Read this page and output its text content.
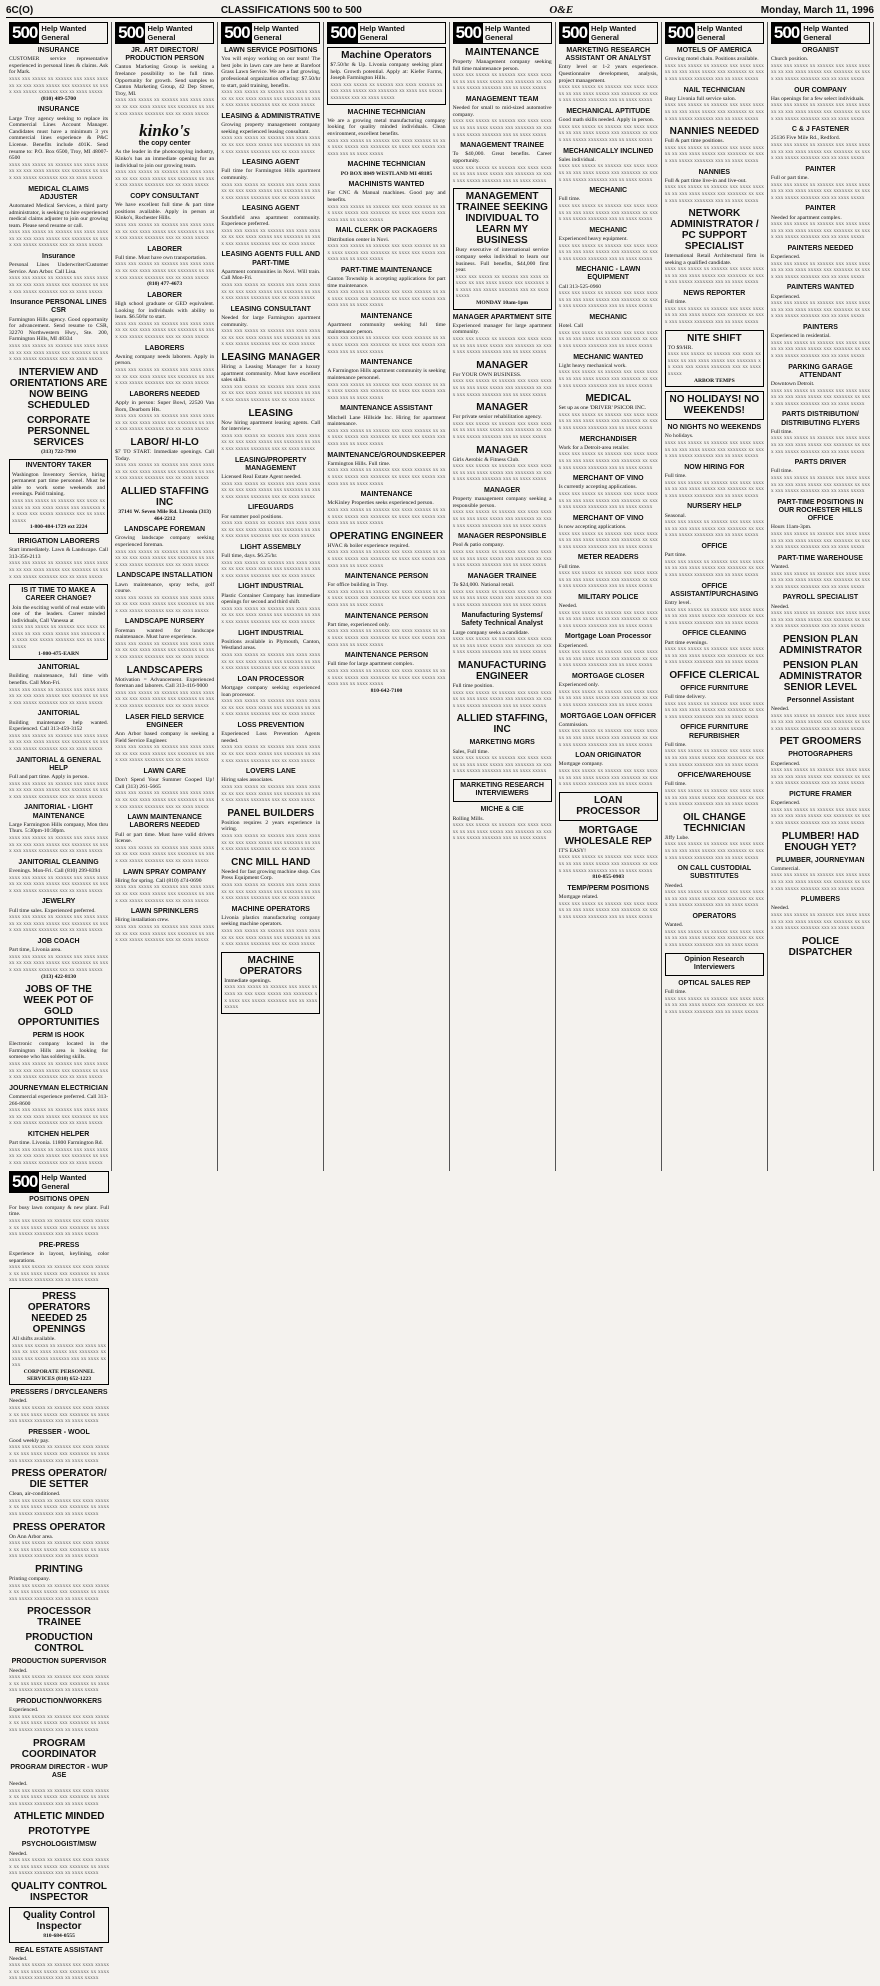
6C(O)	CLASSIFICATIONS 500 to 500	O&E	Monday, March 11, 1996
500 Help Wanted
General
INSURANCE
CUSTOMER service representative experienced in personal lines & claims. Ask for Mark.
xxxx xxx xxxxx xx xxxxxx xxx xxxx xxxxxx xx xxx xxxx xxxxx xxx xxxxxxx xx xxxx xxx xxxxx xxxxxxx xxx xx xxxx xxxxx
(810) 489-5700
INSURANCE
Large Troy agency seeking to replace its Commercial Lines Account Manager. Candidates must have a minimum 3 yrs commercial lines experience & P&C License. Benefits include 401K. Send resume to: P.O. Box 6500, Troy, MI 48007-6500
xxxx xxx xxxxx xx xxxxxx xxx xxxx xxxxxx xx xxx xxxx xxxxx xxx xxxxxxx xx xxxx xxx xxxxx xxxxxxx xxx xx xxxx xxxxx
MEDICAL CLAIMS ADJUSTER
Automated Medical Services, a third party administrator, is seeking to hire experienced medical claims adjuster to join our growing team. Please send resume or call.
xxxx xxx xxxxx xx xxxxxx xxx xxxx xxxxxx xx xxx xxxx xxxxx xxx xxxxxxx xx xxxx xxx xxxxx xxxxxxx xxx xx xxxx xxxxx
Insurance
Personal Lines Underwriter/Customer Service. Ann Arbor. Call Lisa.
xxxx xxx xxxxx xx xxxxxx xxx xxxx xxxxxx xx xxx xxxx xxxxx xxx xxxxxxx xx xxxx xxx xxxxx xxxxxxx xxx xx xxxx xxxxx
Insurance PERSONAL LINES CSR
Farmington Hills agency. Good opportunity for advancement. Send resume to CSR, 32270 Northwestern Hwy., Ste. 200, Farmington Hills, MI 48334
xxxx xxx xxxxx xx xxxxxx xxx xxxx xxxxxx xx xxx xxxx xxxxx xxx xxxxxxx xx xxxx xxx xxxxx xxxxxxx xxx xx xxxx xxxxx
INTERVIEW AND ORIENTATIONS ARE NOW BEING SCHEDULED
CORPORATE PERSONNEL SERVICES
(313) 722-7990
INVENTORY TAKER
Washington Inventory Service, hiring permanent part time personnel. Must be able to work some weekends and evenings. Paid training.
xxxx xxx xxxxx xx xxxxxx xxx xxxx xxxxxx xx xxx xxxx xxxxx xxx xxxxxxx xx xxxx xxx xxxxx xxxxxxx xxx xx xxxx xxxxx
1-800-484-1729 ext 2224
IRRIGATION LABORERS
Start immediately. Lawn & Landscape. Call 313-356-2113
xxxx xxx xxxxx xx xxxxxx xxx xxxx xxxxxx xx xxx xxxx xxxxx xxx xxxxxxx xx xxxx xxx xxxxx xxxxxxx xxx xx xxxx xxxxx
IS IT TIME TO MAKE A CAREER CHANGE?
Join the exciting world of real estate with one of the leaders. Career minded individuals, Call Vanessa at
xxxx xxx xxxxx xx xxxxxx xxx xxxx xxxxxx xx xxx xxxx xxxxx xxx xxxxxxx xx xxxx xxx xxxxx xxxxxxx xxx xx xxxx xxxxx
1-800-475-EARN
JANITORIAL
Building maintenance, full time with benefits. Call Mon-Fri.
xxxx xxx xxxxx xx xxxxxx xxx xxxx xxxxxx xx xxx xxxx xxxxx xxx xxxxxxx xx xxxx xxx xxxxx xxxxxxx xxx xx xxxx xxxxx
JANITORIAL
Building maintenance help wanted. Experienced. Call 313-459-3152
xxxx xxx xxxxx xx xxxxxx xxx xxxx xxxxxx xx xxx xxxx xxxxx xxx xxxxxxx xx xxxx xxx xxxxx xxxxxxx xxx xx xxxx xxxxx
JANITORIAL & GENERAL HELP
Full and part time. Apply in person.
xxxx xxx xxxxx xx xxxxxx xxx xxxx xxxxxx xx xxx xxxx xxxxx xxx xxxxxxx xx xxxx xxx xxxxx xxxxxxx xxx xx xxxx xxxxx
JANITORIAL - LIGHT MAINTENANCE
Large Farmington Hills company, Mon thru Thurs. 5:30pm-10:30pm.
xxxx xxx xxxxx xx xxxxxx xxx xxxx xxxxxx xx xxx xxxx xxxxx xxx xxxxxxx xx xxxx xxx xxxxx xxxxxxx xxx xx xxxx xxxxx
JANITORIAL CLEANING
Evenings. Mon-Fri. Call (810) 299-8394
xxxx xxx xxxxx xx xxxxxx xxx xxxx xxxxxx xx xxx xxxx xxxxx xxx xxxxxxx xx xxxx xxx xxxxx xxxxxxx xxx xx xxxx xxxxx
JEWELRY
Full time sales. Experienced preferred.
xxxx xxx xxxxx xx xxxxxx xxx xxxx xxxxxx xx xxx xxxx xxxxx xxx xxxxxxx xx xxxx xxx xxxxx xxxxxxx xxx xx xxxx xxxxx
JOB COACH
Part time, Livonia area.
xxxx xxx xxxxx xx xxxxxx xxx xxxx xxxxxx xx xxx xxxx xxxxx xxx xxxxxxx xx xxxx xxx xxxxx xxxxxxx xxx xx xxxx xxxxx
(313) 422-8130
JOBS OF THE WEEK POT OF GOLD OPPORTUNITIES
PERM IS HOOK
Electronic company located in the Farmington Hills area is looking for someone who has soldering skills.
xxxx xxx xxxxx xx xxxxxx xxx xxxx xxxxxx xx xxx xxxx xxxxx xxx xxxxxxx xx xxxx xxx xxxxx xxxxxxx xxx xx xxxx xxxxx
JOURNEYMAN ELECTRICIAN
Commercial experience preferred. Call 313-266-8600
xxxx xxx xxxxx xx xxxxxx xxx xxxx xxxxxx xx xxx xxxx xxxxx xxx xxxxxxx xx xxxx xxx xxxxx xxxxxxx xxx xx xxxx xxxxx
KITCHEN HELPER
Part time. Livonia. 11800 Farmington Rd.
xxxx xxx xxxxx xx xxxxxx xxx xxxx xxxxxx xx xxx xxxx xxxxx xxx xxxxxxx xx xxxx xxx xxxxx xxxxxxx xxx xx xxxx xxxxx
500 Help Wanted
General
JR. ART DIRECTOR/ PRODUCTION PERSON
Canton Marketing Group is seeking a freelance possibility to be full time. Opportunity for growth. Send samples to Canton Marketing Group, 42 Dep Street, Troy, MI.
xxxx xxx xxxxx xx xxxxxx xxx xxxx xxxxxx xx xxx xxxx xxxxx xxx xxxxxxx xx xxxx xxx xxxxx xxxxxxx xxx xx xxxx xxxxx
kinko's
the copy center
As the leader in the photocopying industry, Kinko's has an immediate opening for an individual to join our growing team.
xxxx xxx xxxxx xx xxxxxx xxx xxxx xxxxxx xx xxx xxxx xxxxx xxx xxxxxxx xx xxxx xxx xxxxx xxxxxxx xxx xx xxxx xxxxx
COPY CONSULTANT
We have excellent full time & part time positions available. Apply in person at Kinko's, Rochester Hills.
xxxx xxx xxxxx xx xxxxxx xxx xxxx xxxxxx xx xxx xxxx xxxxx xxx xxxxxxx xx xxxx xxx xxxxx xxxxxxx xxx xx xxxx xxxxx
LABORER
Full time. Must have own transportation.
xxxx xxx xxxxx xx xxxxxx xxx xxxx xxxxxx xx xxx xxxx xxxxx xxx xxxxxxx xx xxxx xxx xxxxx xxxxxxx xxx xx xxxx xxxxx
(810) 477-4673
LABORER
High school graduate or GED equivalent. Looking for individuals with ability to learn. $6.50/hr to start.
xxxx xxx xxxxx xx xxxxxx xxx xxxx xxxxxx xx xxx xxxx xxxxx xxx xxxxxxx xx xxxx xxx xxxxx xxxxxxx xxx xx xxxx xxxxx
LABORERS
Awning company needs laborers. Apply in person.
xxxx xxx xxxxx xx xxxxxx xxx xxxx xxxxxx xx xxx xxxx xxxxx xxx xxxxxxx xx xxxx xxx xxxxx xxxxxxx xxx xx xxxx xxxxx
LABORERS NEEDED
Apply in person: Super Bowl, 22520 Van Born, Dearborn Hts.
xxxx xxx xxxxx xx xxxxxx xxx xxxx xxxxxx xx xxx xxxx xxxxx xxx xxxxxxx xx xxxx xxx xxxxx xxxxxxx xxx xx xxxx xxxxx
LABOR/ HI-LO
$7 TO START. Immediate openings. Call Today.
xxxx xxx xxxxx xx xxxxxx xxx xxxx xxxxxx xx xxx xxxx xxxxx xxx xxxxxxx xx xxxx xxx xxxxx xxxxxxx xxx xx xxxx xxxxx
ALLIED STAFFING INC
37141 W. Seven Mile Rd. Livonia (313) 464-2212
LANDSCAPE FOREMAN
Growing landscape company seeking experienced foreman.
xxxx xxx xxxxx xx xxxxxx xxx xxxx xxxxxx xx xxx xxxx xxxxx xxx xxxxxxx xx xxxx xxx xxxxx xxxxxxx xxx xx xxxx xxxxx
LANDSCAPE INSTALLATION
Lawn maintenance, spray techs, golf course.
xxxx xxx xxxxx xx xxxxxx xxx xxxx xxxxxx xx xxx xxxx xxxxx xxx xxxxxxx xx xxxx xxx xxxxx xxxxxxx xxx xx xxxx xxxxx
LANDSCAPE NURSERY
Foreman wanted for landscape maintenance. Must have experience.
xxxx xxx xxxxx xx xxxxxx xxx xxxx xxxxxx xx xxx xxxx xxxxx xxx xxxxxxx xx xxxx xxx xxxxx xxxxxxx xxx xx xxxx xxxxx
LANDSCAPERS
Motivation = Advancement. Experienced foreman and laborers. Call 313-416-9000
xxxx xxx xxxxx xx xxxxxx xxx xxxx xxxxxx xx xxx xxxx xxxxx xxx xxxxxxx xx xxxx xxx xxxxx xxxxxxx xxx xx xxxx xxxxx
LASER FIELD SERVICE ENGINEER
Ann Arbor based company is seeking a Field Service Engineer.
xxxx xxx xxxxx xx xxxxxx xxx xxxx xxxxxx xx xxx xxxx xxxxx xxx xxxxxxx xx xxxx xxx xxxxx xxxxxxx xxx xx xxxx xxxxx
LAWN CARE
Don't Spend Your Summer Cooped Up! Call (313) 261-5665
xxxx xxx xxxxx xx xxxxxx xxx xxxx xxxxxx xx xxx xxxx xxxxx xxx xxxxxxx xx xxxx xxx xxxxx xxxxxxx xxx xx xxxx xxxxx
LAWN MAINTENANCE LABORERS NEEDED
Full or part time. Must have valid drivers license.
xxxx xxx xxxxx xx xxxxxx xxx xxxx xxxxxx xx xxx xxxx xxxxx xxx xxxxxxx xx xxxx xxx xxxxx xxxxxxx xxx xx xxxx xxxxx
LAWN SPRAY COMPANY
Hiring for spring. Call (810) 474-0690
xxxx xxx xxxxx xx xxxxxx xxx xxxx xxxxxx xx xxx xxxx xxxxx xxx xxxxxxx xx xxxx xxx xxxxx xxxxxxx xxx xx xxxx xxxxx
LAWN SPRINKLERS
Hiring installation crew.
xxxx xxx xxxxx xx xxxxxx xxx xxxx xxxxxx xx xxx xxxx xxxxx xxx xxxxxxx xx xxxx xxx xxxxx xxxxxxx xxx xx xxxx xxxxx
500 Help Wanted
General
LAWN SERVICE POSITIONS
You will enjoy working on our team! The best jobs in lawn care are here at Barefoot Grass Lawn Service. We are a fast growing, professional organization offering: $7.50/hr to start, paid training, benefits.
xxxx xxx xxxxx xx xxxxxx xxx xxxx xxxxxx xx xxx xxxx xxxxx xxx xxxxxxx xx xxxx xxx xxxxx xxxxxxx xxx xx xxxx xxxxx
LEASING & ADMINISTRATIVE
Growing property management company seeking experienced leasing consultant.
xxxx xxx xxxxx xx xxxxxx xxx xxxx xxxxxx xx xxx xxxx xxxxx xxx xxxxxxx xx xxxx xxx xxxxx xxxxxxx xxx xx xxxx xxxxx
LEASING AGENT
Full time for Farmington Hills apartment community.
xxxx xxx xxxxx xx xxxxxx xxx xxxx xxxxxx xx xxx xxxx xxxxx xxx xxxxxxx xx xxxx xxx xxxxx xxxxxxx xxx xx xxxx xxxxx
LEASING AGENT
Southfield area apartment community. Experience preferred.
xxxx xxx xxxxx xx xxxxxx xxx xxxx xxxxxx xx xxx xxxx xxxxx xxx xxxxxxx xx xxxx xxx xxxxx xxxxxxx xxx xx xxxx xxxxx
LEASING AGENTS FULL AND PART-TIME
Apartment communities in Novi. Will train. Call Mon-Fri.
xxxx xxx xxxxx xx xxxxxx xxx xxxx xxxxxx xx xxx xxxx xxxxx xxx xxxxxxx xx xxxx xxx xxxxx xxxxxxx xxx xx xxxx xxxxx
LEASING CONSULTANT
Needed for large Farmington apartment community.
xxxx xxx xxxxx xx xxxxxx xxx xxxx xxxxxx xx xxx xxxx xxxxx xxx xxxxxxx xx xxxx xxx xxxxx xxxxxxx xxx xx xxxx xxxxx
LEASING MANAGER
Hiring a Leasing Manager for a luxury apartment community. Must have excellent sales skills.
xxxx xxx xxxxx xx xxxxxx xxx xxxx xxxxxx xx xxx xxxx xxxxx xxx xxxxxxx xx xxxx xxx xxxxx xxxxxxx xxx xx xxxx xxxxx
LEASING
Now hiring apartment leasing agents. Call for interview.
xxxx xxx xxxxx xx xxxxxx xxx xxxx xxxxxx xx xxx xxxx xxxxx xxx xxxxxxx xx xxxx xxx xxxxx xxxxxxx xxx xx xxxx xxxxx
LEASING/PROPERTY MANAGEMENT
Licensed Real Estate Agent needed.
xxxx xxx xxxxx xx xxxxxx xxx xxxx xxxxxx xx xxx xxxx xxxxx xxx xxxxxxx xx xxxx xxx xxxxx xxxxxxx xxx xx xxxx xxxxx
LIFEGUARDS
For summer pool positions.
xxxx xxx xxxxx xx xxxxxx xxx xxxx xxxxxx xx xxx xxxx xxxxx xxx xxxxxxx xx xxxx xxx xxxxx xxxxxxx xxx xx xxxx xxxxx
LIGHT ASSEMBLY
Full time, days. $6.25/hr.
xxxx xxx xxxxx xx xxxxxx xxx xxxx xxxxxx xx xxx xxxx xxxxx xxx xxxxxxx xx xxxx xxx xxxxx xxxxxxx xxx xx xxxx xxxxx
LIGHT INDUSTRIAL
Plastic Container Company has immediate openings for second and third shift.
xxxx xxx xxxxx xx xxxxxx xxx xxxx xxxxxx xx xxx xxxx xxxxx xxx xxxxxxx xx xxxx xxx xxxxx xxxxxxx xxx xx xxxx xxxxx
LIGHT INDUSTRIAL
Positions available in Plymouth, Canton, Westland areas.
xxxx xxx xxxxx xx xxxxxx xxx xxxx xxxxxx xx xxx xxxx xxxxx xxx xxxxxxx xx xxxx xxx xxxxx xxxxxxx xxx xx xxxx xxxxx
LOAN PROCESSOR
Mortgage company seeking experienced loan processor.
xxxx xxx xxxxx xx xxxxxx xxx xxxx xxxxxx xx xxx xxxx xxxxx xxx xxxxxxx xx xxxx xxx xxxxx xxxxxxx xxx xx xxxx xxxxx
LOSS PREVENTION
Experienced Loss Prevention Agents needed.
xxxx xxx xxxxx xx xxxxxx xxx xxxx xxxxxx xx xxx xxxx xxxxx xxx xxxxxxx xx xxxx xxx xxxxx xxxxxxx xxx xx xxxx xxxxx
LOVERS LANE
Hiring sales associates.
xxxx xxx xxxxx xx xxxxxx xxx xxxx xxxxxx xx xxx xxxx xxxxx xxx xxxxxxx xx xxxx xxx xxxxx xxxxxxx xxx xx xxxx xxxxx
PANEL BUILDERS
Position requires 2 years experience in wiring.
xxxx xxx xxxxx xx xxxxxx xxx xxxx xxxxxx xx xxx xxxx xxxxx xxx xxxxxxx xx xxxx xxx xxxxx xxxxxxx xxx xx xxxx xxxxx
CNC MILL HAND
Needed for fast growing machine shop. Cox Press Equipment Corp.
xxxx xxx xxxxx xx xxxxxx xxx xxxx xxxxxx xx xxx xxxx xxxxx xxx xxxxxxx xx xxxx xxx xxxxx xxxxxxx xxx xx xxxx xxxxx
MACHINE OPERATORS
Livonia plastics manufacturing company seeking machine operators.
xxxx xxx xxxxx xx xxxxxx xxx xxxx xxxxxx xx xxx xxxx xxxxx xxx xxxxxxx xx xxxx xxx xxxxx xxxxxxx xxx xx xxxx xxxxx
MACHINE OPERATORS
Immediate openings.
xxxx xxx xxxxx xx xxxxxx xxx xxxx xxxxxx xx xxx xxxx xxxxx xxx xxxxxxx xx xxxx xxx xxxxx xxxxxxx xxx xx xxxx xxxxx
500 Help Wanted
General
Machine Operators
$7.50/hr & Up. Livonia company seeking plant help. Growth potential. Apply at: Kiefer Farms, Joseph Farmington Hills.
xxxx xxx xxxxx xx xxxxxx xxx xxxx xxxxxx xx xxx xxxx xxxxx xxx xxxxxxx xx xxxx xxx xxxxx xxxxxxx xxx xx xxxx xxxxx
MACHINE TECHNICIAN
We are a growing metal manufacturing company looking for quality minded individuals. Clean environment, excellent benefits.
xxxx xxx xxxxx xx xxxxxx xxx xxxx xxxxxx xx xxx xxxx xxxxx xxx xxxxxxx xx xxxx xxx xxxxx xxxxxxx xxx xx xxxx xxxxx
MACHINE TECHNICIAN
PO BOX 8849 WESTLAND MI 48185
MACHINISTS WANTED
For CNC & Manual machines. Good pay and benefits.
xxxx xxx xxxxx xx xxxxxx xxx xxxx xxxxxx xx xxx xxxx xxxxx xxx xxxxxxx xx xxxx xxx xxxxx xxxxxxx xxx xx xxxx xxxxx
MAIL CLERK OR PACKAGERS
Distribution center in Novi.
xxxx xxx xxxxx xx xxxxxx xxx xxxx xxxxxx xx xxx xxxx xxxxx xxx xxxxxxx xx xxxx xxx xxxxx xxxxxxx xxx xx xxxx xxxxx
PART-TIME MAINTENANCE
Canton Township is accepting applications for part time maintenance.
xxxx xxx xxxxx xx xxxxxx xxx xxxx xxxxxx xx xxx xxxx xxxxx xxx xxxxxxx xx xxxx xxx xxxxx xxxxxxx xxx xx xxxx xxxxx
MAINTENANCE
Apartment community seeking full time maintenance person.
xxxx xxx xxxxx xx xxxxxx xxx xxxx xxxxxx xx xxx xxxx xxxxx xxx xxxxxxx xx xxxx xxx xxxxx xxxxxxx xxx xx xxxx xxxxx
MAINTENANCE
A Farmington Hills apartment community is seeking maintenance personnel.
xxxx xxx xxxxx xx xxxxxx xxx xxxx xxxxxx xx xxx xxxx xxxxx xxx xxxxxxx xx xxxx xxx xxxxx xxxxxxx xxx xx xxxx xxxxx
MAINTENANCE ASSISTANT
Mitchell Lane Hillside Inc. Hiring for apartment maintenance.
xxxx xxx xxxxx xx xxxxxx xxx xxxx xxxxxx xx xxx xxxx xxxxx xxx xxxxxxx xx xxxx xxx xxxxx xxxxxxx xxx xx xxxx xxxxx
MAINTENANCE/GROUNDSKEEPER
Farmington Hills. Full time.
xxxx xxx xxxxx xx xxxxxx xxx xxxx xxxxxx xx xxx xxxx xxxxx xxx xxxxxxx xx xxxx xxx xxxxx xxxxxxx xxx xx xxxx xxxxx
MAINTENANCE
McKinley Properties seeks experienced person.
xxxx xxx xxxxx xx xxxxxx xxx xxxx xxxxxx xx xxx xxxx xxxxx xxx xxxxxxx xx xxxx xxx xxxxx xxxxxxx xxx xx xxxx xxxxx
OPERATING ENGINEER
HVAC & boiler experience required.
xxxx xxx xxxxx xx xxxxxx xxx xxxx xxxxxx xx xxx xxxx xxxxx xxx xxxxxxx xx xxxx xxx xxxxx xxxxxxx xxx xx xxxx xxxxx
MAINTENANCE PERSON
For office building in Troy.
xxxx xxx xxxxx xx xxxxxx xxx xxxx xxxxxx xx xxx xxxx xxxxx xxx xxxxxxx xx xxxx xxx xxxxx xxxxxxx xxx xx xxxx xxxxx
MAINTENANCE PERSON
Part time, experienced only.
xxxx xxx xxxxx xx xxxxxx xxx xxxx xxxxxx xx xxx xxxx xxxxx xxx xxxxxxx xx xxxx xxx xxxxx xxxxxxx xxx xx xxxx xxxxx
MAINTENANCE PERSON
Full time for large apartment complex.
xxxx xxx xxxxx xx xxxxxx xxx xxxx xxxxxx xx xxx xxxx xxxxx xxx xxxxxxx xx xxxx xxx xxxxx xxxxxxx xxx xx xxxx xxxxx
810-642-7100
500 Help Wanted
General
MAINTENANCE
Property Management company seeking full time maintenance person.
xxxx xxx xxxxx xx xxxxxx xxx xxxx xxxxxx xx xxx xxxx xxxxx xxx xxxxxxx xx xxxx xxx xxxxx xxxxxxx xxx xx xxxx xxxxx
MANAGEMENT TEAM
Needed for small to mid-sized automotive company.
xxxx xxx xxxxx xx xxxxxx xxx xxxx xxxxxx xx xxx xxxx xxxxx xxx xxxxxxx xx xxxx xxx xxxxx xxxxxxx xxx xx xxxx xxxxx
MANAGEMENT TRAINEE
To $40,000. Great benefits. Career opportunity.
xxxx xxx xxxxx xx xxxxxx xxx xxxx xxxxxx xx xxx xxxx xxxxx xxx xxxxxxx xx xxxx xxx xxxxx xxxxxxx xxx xx xxxx xxxxx
MANAGEMENT TRAINEE SEEKING INDIVIDUAL TO LEARN MY BUSINESS
Busy executive of international service company seeks individual to learn our business. Full benefits, $44,000 first year.
xxxx xxx xxxxx xx xxxxxx xxx xxxx xxxxxx xx xxx xxxx xxxxx xxx xxxxxxx xx xxxx xxx xxxxx xxxxxxx xxx xx xxxx xxxxx
MONDAY 10am-1pm
MANAGER APARTMENT SITE
Experienced manager for large apartment community.
xxxx xxx xxxxx xx xxxxxx xxx xxxx xxxxxx xx xxx xxxx xxxxx xxx xxxxxxx xx xxxx xxx xxxxx xxxxxxx xxx xx xxxx xxxxx
MANAGER
For YOUR OWN BUSINESS.
xxxx xxx xxxxx xx xxxxxx xxx xxxx xxxxxx xx xxx xxxx xxxxx xxx xxxxxxx xx xxxx xxx xxxxx xxxxxxx xxx xx xxxx xxxxx
MANAGER
For private senior rehabilitation agency.
xxxx xxx xxxxx xx xxxxxx xxx xxxx xxxxxx xx xxx xxxx xxxxx xxx xxxxxxx xx xxxx xxx xxxxx xxxxxxx xxx xx xxxx xxxxx
MANAGER
Girls Aerobic & Fitness Club.
xxxx xxx xxxxx xx xxxxxx xxx xxxx xxxxxx xx xxx xxxx xxxxx xxx xxxxxxx xx xxxx xxx xxxxx xxxxxxx xxx xx xxxx xxxxx
MANAGER
Property management company seeking a responsible person.
xxxx xxx xxxxx xx xxxxxx xxx xxxx xxxxxx xx xxx xxxx xxxxx xxx xxxxxxx xx xxxx xxx xxxxx xxxxxxx xxx xx xxxx xxxxx
MANAGER RESPONSIBLE
Pool & patio company.
xxxx xxx xxxxx xx xxxxxx xxx xxxx xxxxxx xx xxx xxxx xxxxx xxx xxxxxxx xx xxxx xxx xxxxx xxxxxxx xxx xx xxxx xxxxx
MANAGER TRAINEE
To $24,000. National retail.
xxxx xxx xxxxx xx xxxxxx xxx xxxx xxxxxx xx xxx xxxx xxxxx xxx xxxxxxx xx xxxx xxx xxxxx xxxxxxx xxx xx xxxx xxxxx
Manufacturing Systems/ Safety Technical Analyst
Large company seeks a candidate.
xxxx xxx xxxxx xx xxxxxx xxx xxxx xxxxxx xx xxx xxxx xxxxx xxx xxxxxxx xx xxxx xxx xxxxx xxxxxxx xxx xx xxxx xxxxx
MANUFACTURING ENGINEER
Full time position.
xxxx xxx xxxxx xx xxxxxx xxx xxxx xxxxxx xx xxx xxxx xxxxx xxx xxxxxxx xx xxxx xxx xxxxx xxxxxxx xxx xx xxxx xxxxx
ALLIED STAFFING, INC
MARKETING MGRS
Sales, Full time.
xxxx xxx xxxxx xx xxxxxx xxx xxxx xxxxxx xx xxx xxxx xxxxx xxx xxxxxxx xx xxxx xxx xxxxx xxxxxxx xxx xx xxxx xxxxx
MARKETING RESEARCH INTERVIEWERS
MICHE & CIE
Rolling Mills.
xxxx xxx xxxxx xx xxxxxx xxx xxxx xxxxxx xx xxx xxxx xxxxx xxx xxxxxxx xx xxxx xxx xxxxx xxxxxxx xxx xx xxxx xxxxx
500 Help Wanted
General
MARKETING RESEARCH ASSISTANT OR ANALYST
Entry level or 1-2 years experience. Questionnaire development, analysis, project management.
xxxx xxx xxxxx xx xxxxxx xxx xxxx xxxxxx xx xxx xxxx xxxxx xxx xxxxxxx xx xxxx xxx xxxxx xxxxxxx xxx xx xxxx xxxxx
MECHANICAL APTITUDE
Good math skills needed. Apply in person.
xxxx xxx xxxxx xx xxxxxx xxx xxxx xxxxxx xx xxx xxxx xxxxx xxx xxxxxxx xx xxxx xxx xxxxx xxxxxxx xxx xx xxxx xxxxx
MECHANICALLY INCLINED
Sales individual.
xxxx xxx xxxxx xx xxxxxx xxx xxxx xxxxxx xx xxx xxxx xxxxx xxx xxxxxxx xx xxxx xxx xxxxx xxxxxxx xxx xx xxxx xxxxx
MECHANIC
Full time.
xxxx xxx xxxxx xx xxxxxx xxx xxxx xxxxxx xx xxx xxxx xxxxx xxx xxxxxxx xx xxxx xxx xxxxx xxxxxxx xxx xx xxxx xxxxx
MECHANIC
Experienced heavy equipment.
xxxx xxx xxxxx xx xxxxxx xxx xxxx xxxxxx xx xxx xxxx xxxxx xxx xxxxxxx xx xxxx xxx xxxxx xxxxxxx xxx xx xxxx xxxxx
MECHANIC - LAWN EQUIPMENT
Call 313-525-0960
xxxx xxx xxxxx xx xxxxxx xxx xxxx xxxxxx xx xxx xxxx xxxxx xxx xxxxxxx xx xxxx xxx xxxxx xxxxxxx xxx xx xxxx xxxxx
MECHANIC
Hotel. Call
xxxx xxx xxxxx xx xxxxxx xxx xxxx xxxxxx xx xxx xxxx xxxxx xxx xxxxxxx xx xxxx xxx xxxxx xxxxxxx xxx xx xxxx xxxxx
MECHANIC WANTED
Light heavy mechanical work.
xxxx xxx xxxxx xx xxxxxx xxx xxxx xxxxxx xx xxx xxxx xxxxx xxx xxxxxxx xx xxxx xxx xxxxx xxxxxxx xxx xx xxxx xxxxx
MEDICAL
Set up as one 'DRIVER' PSICOR INC.
xxxx xxx xxxxx xx xxxxxx xxx xxxx xxxxxx xx xxx xxxx xxxxx xxx xxxxxxx xx xxxx xxx xxxxx xxxxxxx xxx xx xxxx xxxxx
MERCHANDISER
Work for a Detroit-area retailer.
xxxx xxx xxxxx xx xxxxxx xxx xxxx xxxxxx xx xxx xxxx xxxxx xxx xxxxxxx xx xxxx xxx xxxxx xxxxxxx xxx xx xxxx xxxxx
MERCHANT OF VINO
Is currently accepting applications.
xxxx xxx xxxxx xx xxxxxx xxx xxxx xxxxxx xx xxx xxxx xxxxx xxx xxxxxxx xx xxxx xxx xxxxx xxxxxxx xxx xx xxxx xxxxx
MERCHANT OF VINO
Is now accepting applications.
xxxx xxx xxxxx xx xxxxxx xxx xxxx xxxxxx xx xxx xxxx xxxxx xxx xxxxxxx xx xxxx xxx xxxxx xxxxxxx xxx xx xxxx xxxxx
METER READERS
Full time.
xxxx xxx xxxxx xx xxxxxx xxx xxxx xxxxxx xx xxx xxxx xxxxx xxx xxxxxxx xx xxxx xxx xxxxx xxxxxxx xxx xx xxxx xxxxx
MILITARY POLICE
Needed.
xxxx xxx xxxxx xx xxxxxx xxx xxxx xxxxxx xx xxx xxxx xxxxx xxx xxxxxxx xx xxxx xxx xxxxx xxxxxxx xxx xx xxxx xxxxx
Mortgage Loan Processor
Experienced.
xxxx xxx xxxxx xx xxxxxx xxx xxxx xxxxxx xx xxx xxxx xxxxx xxx xxxxxxx xx xxxx xxx xxxxx xxxxxxx xxx xx xxxx xxxxx
MORTGAGE CLOSER
Experienced only.
xxxx xxx xxxxx xx xxxxxx xxx xxxx xxxxxx xx xxx xxxx xxxxx xxx xxxxxxx xx xxxx xxx xxxxx xxxxxxx xxx xx xxxx xxxxx
MORTGAGE LOAN OFFICER
Commission.
xxxx xxx xxxxx xx xxxxxx xxx xxxx xxxxxx xx xxx xxxx xxxxx xxx xxxxxxx xx xxxx xxx xxxxx xxxxxxx xxx xx xxxx xxxxx
LOAN ORIGINATOR
Mortgage company.
xxxx xxx xxxxx xx xxxxxx xxx xxxx xxxxxx xx xxx xxxx xxxxx xxx xxxxxxx xx xxxx xxx xxxxx xxxxxxx xxx xx xxxx xxxxx
LOAN PROCESSOR
MORTGAGE WHOLESALE REP
IT'S EASY!
xxxx xxx xxxxx xx xxxxxx xxx xxxx xxxxxx xx xxx xxxx xxxxx xxx xxxxxxx xx xxxx xxx xxxxx xxxxxxx xxx xx xxxx xxxxx
810-855-0903
TEMP/PERM POSITIONS
Mortgage related.
xxxx xxx xxxxx xx xxxxxx xxx xxxx xxxxxx xx xxx xxxx xxxxx xxx xxxxxxx xx xxxx xxx xxxxx xxxxxxx xxx xx xxxx xxxxx
500 Help Wanted
General
MOTELS OF AMERICA
Growing motel chain. Positions available.
xxxx xxx xxxxx xx xxxxxx xxx xxxx xxxxxx xx xxx xxxx xxxxx xxx xxxxxxx xx xxxx xxx xxxxx xxxxxxx xxx xx xxxx xxxxx
NAIL TECHNICIAN
Busy Livonia full service salon.
xxxx xxx xxxxx xx xxxxxx xxx xxxx xxxxxx xx xxx xxxx xxxxx xxx xxxxxxx xx xxxx xxx xxxxx xxxxxxx xxx xx xxxx xxxxx
NANNIES NEEDED
Full & part time positions.
xxxx xxx xxxxx xx xxxxxx xxx xxxx xxxxxx xx xxx xxxx xxxxx xxx xxxxxxx xx xxxx xxx xxxxx xxxxxxx xxx xx xxxx xxxxx
NANNIES
Full & part time live-in and live-out.
xxxx xxx xxxxx xx xxxxxx xxx xxxx xxxxxx xx xxx xxxx xxxxx xxx xxxxxxx xx xxxx xxx xxxxx xxxxxxx xxx xx xxxx xxxxx
NETWORK ADMINISTRATOR / PC SUPPORT SPECIALIST
International Retail Architectural firm is seeking a qualified candidate.
xxxx xxx xxxxx xx xxxxxx xxx xxxx xxxxxx xx xxx xxxx xxxxx xxx xxxxxxx xx xxxx xxx xxxxx xxxxxxx xxx xx xxxx xxxxx
NEWS REPORTER
Full time.
xxxx xxx xxxxx xx xxxxxx xxx xxxx xxxxxx xx xxx xxxx xxxxx xxx xxxxxxx xx xxxx xxx xxxxx xxxxxxx xxx xx xxxx xxxxx
NITE SHIFT
TO $9/HR.
xxxx xxx xxxxx xx xxxxxx xxx xxxx xxxxxx xx xxx xxxx xxxxx xxx xxxxxxx xx xxxx xxx xxxxx xxxxxxx xxx xx xxxx xxxxx
ARBOR TEMPS
NO HOLIDAYS! NO WEEKENDS!
NO NIGHTS NO WEEKENDS
No holidays.
xxxx xxx xxxxx xx xxxxxx xxx xxxx xxxxxx xx xxx xxxx xxxxx xxx xxxxxxx xx xxxx xxx xxxxx xxxxxxx xxx xx xxxx xxxxx
NOW HIRING FOR
Full time.
xxxx xxx xxxxx xx xxxxxx xxx xxxx xxxxxx xx xxx xxxx xxxxx xxx xxxxxxx xx xxxx xxx xxxxx xxxxxxx xxx xx xxxx xxxxx
NURSERY HELP
Seasonal.
xxxx xxx xxxxx xx xxxxxx xxx xxxx xxxxxx xx xxx xxxx xxxxx xxx xxxxxxx xx xxxx xxx xxxxx xxxxxxx xxx xx xxxx xxxxx
OFFICE
Part time.
xxxx xxx xxxxx xx xxxxxx xxx xxxx xxxxxx xx xxx xxxx xxxxx xxx xxxxxxx xx xxxx xxx xxxxx xxxxxxx xxx xx xxxx xxxxx
OFFICE ASSISTANT/PURCHASING
Entry level.
xxxx xxx xxxxx xx xxxxxx xxx xxxx xxxxxx xx xxx xxxx xxxxx xxx xxxxxxx xx xxxx xxx xxxxx xxxxxxx xxx xx xxxx xxxxx
OFFICE CLEANING
Part time evenings.
xxxx xxx xxxxx xx xxxxxx xxx xxxx xxxxxx xx xxx xxxx xxxxx xxx xxxxxxx xx xxxx xxx xxxxx xxxxxxx xxx xx xxxx xxxxx
OFFICE CLERICAL
OFFICE FURNITURE
Full time delivery.
xxxx xxx xxxxx xx xxxxxx xxx xxxx xxxxxx xx xxx xxxx xxxxx xxx xxxxxxx xx xxxx xxx xxxxx xxxxxxx xxx xx xxxx xxxxx
OFFICE FURNITURE REFURBISHER
Full time.
xxxx xxx xxxxx xx xxxxxx xxx xxxx xxxxxx xx xxx xxxx xxxxx xxx xxxxxxx xx xxxx xxx xxxxx xxxxxxx xxx xx xxxx xxxxx
OFFICE/WAREHOUSE
Full time.
xxxx xxx xxxxx xx xxxxxx xxx xxxx xxxxxx xx xxx xxxx xxxxx xxx xxxxxxx xx xxxx xxx xxxxx xxxxxxx xxx xx xxxx xxxxx
OIL CHANGE TECHNICIAN
Jiffy Lube.
xxxx xxx xxxxx xx xxxxxx xxx xxxx xxxxxx xx xxx xxxx xxxxx xxx xxxxxxx xx xxxx xxx xxxxx xxxxxxx xxx xx xxxx xxxxx
ON CALL CUSTODIAL SUBSTITUTES
Needed.
xxxx xxx xxxxx xx xxxxxx xxx xxxx xxxxxx xx xxx xxxx xxxxx xxx xxxxxxx xx xxxx xxx xxxxx xxxxxxx xxx xx xxxx xxxxx
OPERATORS
Wanted.
xxxx xxx xxxxx xx xxxxxx xxx xxxx xxxxxx xx xxx xxxx xxxxx xxx xxxxxxx xx xxxx xxx xxxxx xxxxxxx xxx xx xxxx xxxxx
Opinion Research Interviewers
OPTICAL SALES REP
Full time.
xxxx xxx xxxxx xx xxxxxx xxx xxxx xxxxxx xx xxx xxxx xxxxx xxx xxxxxxx xx xxxx xxx xxxxx xxxxxxx xxx xx xxxx xxxxx
500 Help Wanted
General
ORGANIST
Church position.
xxxx xxx xxxxx xx xxxxxx xxx xxxx xxxxxx xx xxx xxxx xxxxx xxx xxxxxxx xx xxxx xxx xxxxx xxxxxxx xxx xx xxxx xxxxx
OUR COMPANY
Has openings for a few select individuals.
xxxx xxx xxxxx xx xxxxxx xxx xxxx xxxxxx xx xxx xxxx xxxxx xxx xxxxxxx xx xxxx xxx xxxxx xxxxxxx xxx xx xxxx xxxxx
C & J FASTENER
25136 Five Mile Rd., Redford.
xxxx xxx xxxxx xx xxxxxx xxx xxxx xxxxxx xx xxx xxxx xxxxx xxx xxxxxxx xx xxxx xxx xxxxx xxxxxxx xxx xx xxxx xxxxx
PAINTER
Full or part time.
xxxx xxx xxxxx xx xxxxxx xxx xxxx xxxxxx xx xxx xxxx xxxxx xxx xxxxxxx xx xxxx xxx xxxxx xxxxxxx xxx xx xxxx xxxxx
PAINTER
Needed for apartment complex.
xxxx xxx xxxxx xx xxxxxx xxx xxxx xxxxxx xx xxx xxxx xxxxx xxx xxxxxxx xx xxxx xxx xxxxx xxxxxxx xxx xx xxxx xxxxx
PAINTERS NEEDED
Experienced.
xxxx xxx xxxxx xx xxxxxx xxx xxxx xxxxxx xx xxx xxxx xxxxx xxx xxxxxxx xx xxxx xxx xxxxx xxxxxxx xxx xx xxxx xxxxx
PAINTERS WANTED
Experienced.
xxxx xxx xxxxx xx xxxxxx xxx xxxx xxxxxx xx xxx xxxx xxxxx xxx xxxxxxx xx xxxx xxx xxxxx xxxxxxx xxx xx xxxx xxxxx
PAINTERS
Experienced in residential.
xxxx xxx xxxxx xx xxxxxx xxx xxxx xxxxxx xx xxx xxxx xxxxx xxx xxxxxxx xx xxxx xxx xxxxx xxxxxxx xxx xx xxxx xxxxx
PARKING GARAGE ATTENDANT
Downtown Detroit.
xxxx xxx xxxxx xx xxxxxx xxx xxxx xxxxxx xx xxx xxxx xxxxx xxx xxxxxxx xx xxxx xxx xxxxx xxxxxxx xxx xx xxxx xxxxx
PARTS DISTRIBUTION/ DISTRIBUTING FLYERS
Full time.
xxxx xxx xxxxx xx xxxxxx xxx xxxx xxxxxx xx xxx xxxx xxxxx xxx xxxxxxx xx xxxx xxx xxxxx xxxxxxx xxx xx xxxx xxxxx
PARTS DRIVER
Full time.
xxxx xxx xxxxx xx xxxxxx xxx xxxx xxxxxx xx xxx xxxx xxxxx xxx xxxxxxx xx xxxx xxx xxxxx xxxxxxx xxx xx xxxx xxxxx
PART-TIME POSITIONS IN OUR ROCHESTER HILLS OFFICE
Hours 11am-3pm.
xxxx xxx xxxxx xx xxxxxx xxx xxxx xxxxxx xx xxx xxxx xxxxx xxx xxxxxxx xx xxxx xxx xxxxx xxxxxxx xxx xx xxxx xxxxx
PART-TIME WAREHOUSE
Wanted.
xxxx xxx xxxxx xx xxxxxx xxx xxxx xxxxxx xx xxx xxxx xxxxx xxx xxxxxxx xx xxxx xxx xxxxx xxxxxxx xxx xx xxxx xxxxx
PAYROLL SPECIALIST
Needed.
xxxx xxx xxxxx xx xxxxxx xxx xxxx xxxxxx xx xxx xxxx xxxxx xxx xxxxxxx xx xxxx xxx xxxxx xxxxxxx xxx xx xxxx xxxxx
PENSION PLAN ADMINISTRATOR
PENSION PLAN ADMINISTRATOR SENIOR LEVEL
Personnel Assistant
Needed.
xxxx xxx xxxxx xx xxxxxx xxx xxxx xxxxxx xx xxx xxxx xxxxx xxx xxxxxxx xx xxxx xxx xxxxx xxxxxxx xxx xx xxxx xxxxx
PET GROOMERS
PHOTOGRAPHERS
Experienced.
xxxx xxx xxxxx xx xxxxxx xxx xxxx xxxxxx xx xxx xxxx xxxxx xxx xxxxxxx xx xxxx xxx xxxxx xxxxxxx xxx xx xxxx xxxxx
PICTURE FRAMER
Experienced.
xxxx xxx xxxxx xx xxxxxx xxx xxxx xxxxxx xx xxx xxxx xxxxx xxx xxxxxxx xx xxxx xxx xxxxx xxxxxxx xxx xx xxxx xxxxx
PLUMBER! HAD ENOUGH YET?
PLUMBER, JOURNEYMAN
Commercial.
xxxx xxx xxxxx xx xxxxxx xxx xxxx xxxxxx xx xxx xxxx xxxxx xxx xxxxxxx xx xxxx xxx xxxxx xxxxxxx xxx xx xxxx xxxxx
PLUMBERS
Needed.
xxxx xxx xxxxx xx xxxxxx xxx xxxx xxxxxx xx xxx xxxx xxxxx xxx xxxxxxx xx xxxx xxx xxxxx xxxxxxx xxx xx xxxx xxxxx
POLICE DISPATCHER
500 Help Wanted
General
POSITIONS OPEN
For busy lawn company & new plant. Full time.
xxxx xxx xxxxx xx xxxxxx xxx xxxx xxxxxx xx xxx xxxx xxxxx xxx xxxxxxx xx xxxx xxx xxxxx xxxxxxx xxx xx xxxx xxxxx
PRE-PRESS
Experience in layout, keylining, color separations.
xxxx xxx xxxxx xx xxxxxx xxx xxxx xxxxxx xx xxx xxxx xxxxx xxx xxxxxxx xx xxxx xxx xxxxx xxxxxxx xxx xx xxxx xxxxx
PRESS OPERATORS NEEDED 25 OPENINGS
All shifts available.
xxxx xxx xxxxx xx xxxxxx xxx xxxx xxxxxx xx xxx xxxx xxxxx xxx xxxxxxx xx xxxx xxx xxxxx xxxxxxx xxx xx xxxx xxxxx
CORPORATE PERSONNEL SERVICES (810) 652-1223
PRESSERS / DRYCLEANERS
Needed.
xxxx xxx xxxxx xx xxxxxx xxx xxxx xxxxxx xx xxx xxxx xxxxx xxx xxxxxxx xx xxxx xxx xxxxx xxxxxxx xxx xx xxxx xxxxx
PRESSER - WOOL
Good weekly pay.
xxxx xxx xxxxx xx xxxxxx xxx xxxx xxxxxx xx xxx xxxx xxxxx xxx xxxxxxx xx xxxx xxx xxxxx xxxxxxx xxx xx xxxx xxxxx
PRESS OPERATOR/ DIE SETTER
Clean, air-conditioned.
xxxx xxx xxxxx xx xxxxxx xxx xxxx xxxxxx xx xxx xxxx xxxxx xxx xxxxxxx xx xxxx xxx xxxxx xxxxxxx xxx xx xxxx xxxxx
PRESS OPERATOR
On Ann Arbor area.
xxxx xxx xxxxx xx xxxxxx xxx xxxx xxxxxx xx xxx xxxx xxxxx xxx xxxxxxx xx xxxx xxx xxxxx xxxxxxx xxx xx xxxx xxxxx
PRINTING
Printing company.
xxxx xxx xxxxx xx xxxxxx xxx xxxx xxxxxx xx xxx xxxx xxxxx xxx xxxxxxx xx xxxx xxx xxxxx xxxxxxx xxx xx xxxx xxxxx
PROCESSOR TRAINEE
PRODUCTION CONTROL
PRODUCTION SUPERVISOR
Needed.
xxxx xxx xxxxx xx xxxxxx xxx xxxx xxxxxx xx xxx xxxx xxxxx xxx xxxxxxx xx xxxx xxx xxxxx xxxxxxx xxx xx xxxx xxxxx
PRODUCTION/WORKERS
Experienced.
xxxx xxx xxxxx xx xxxxxx xxx xxxx xxxxxx xx xxx xxxx xxxxx xxx xxxxxxx xx xxxx xxx xxxxx xxxxxxx xxx xx xxxx xxxxx
PROGRAM COORDINATOR
PROGRAM DIRECTOR - WUP ASE
Needed.
xxxx xxx xxxxx xx xxxxxx xxx xxxx xxxxxx xx xxx xxxx xxxxx xxx xxxxxxx xx xxxx xxx xxxxx xxxxxxx xxx xx xxxx xxxxx
ATHLETIC MINDED
PROTOTYPE
PSYCHOLOGIST/MSW
Needed.
xxxx xxx xxxxx xx xxxxxx xxx xxxx xxxxxx xx xxx xxxx xxxxx xxx xxxxxxx xx xxxx xxx xxxxx xxxxxxx xxx xx xxxx xxxxx
QUALITY CONTROL INSPECTOR
Quality Control Inspector
810-684-0555
REAL ESTATE ASSISTANT
Needed.
xxxx xxx xxxxx xx xxxxxx xxx xxxx xxxxxx xx xxx xxxx xxxxx xxx xxxxxxx xx xxxx xxx xxxxx xxxxxxx xxx xx xxxx xxxxx
